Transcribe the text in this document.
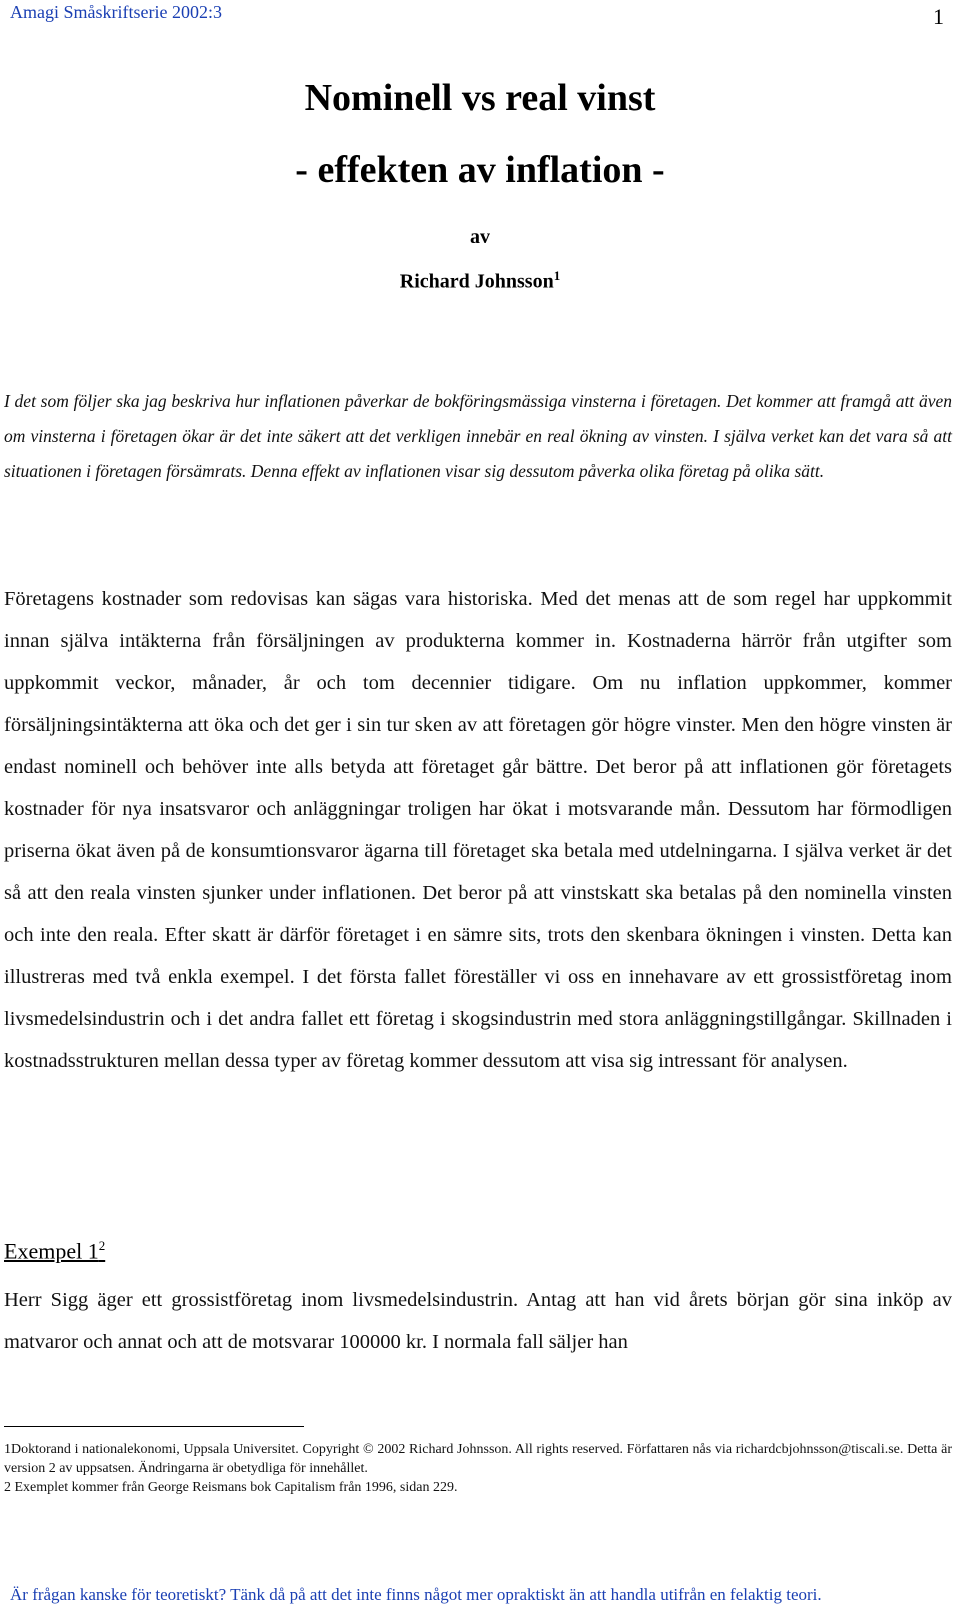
Amagi Småskriftserie 2002:3	1
Nominell vs real vinst
- effekten av inflation -
av
Richard Johnsson$^1$
I det som följer ska jag beskriva hur inflationen påverkar de bokföringsmässiga vinsterna i företagen. Det kommer att framgå att även om vinsterna i företagen ökar är det inte säkert att det verkligen innebär en real ökning av vinsten. I själva verket kan det vara så att situationen i företagen försämrats. Denna effekt av inflationen visar sig dessutom påverka olika företag på olika sätt.
Företagens kostnader som redovisas kan sägas vara historiska. Med det menas att de som regel har uppkommit innan själva intäkterna från försäljningen av produkterna kommer in. Kostnaderna härrör från utgifter som uppkommit veckor, månader, år och tom decennier tidigare. Om nu inflation uppkommer, kommer försäljningsintäkterna att öka och det ger i sin tur sken av att företagen gör högre vinster. Men den högre vinsten är endast nominell och behöver inte alls betyda att företaget går bättre. Det beror på att inflationen gör företagets kostnader för nya insatsvaror och anläggningar troligen har ökat i motsvarande mån. Dessutom har förmodligen priserna ökat även på de konsumtionsvaror ägarna till företaget ska betala med utdelningarna. I själva verket är det så att den reala vinsten sjunker under inflationen. Det beror på att vinstskatt ska betalas på den nominella vinsten och inte den reala. Efter skatt är därför företaget i en sämre sits, trots den skenbara ökningen i vinsten. Detta kan illustreras med två enkla exempel. I det första fallet föreställer vi oss en innehavare av ett grossistföretag inom livsmedelsindustrin och i det andra fallet ett företag i skogsindustrin med stora anläggningstillgångar. Skillnaden i kostnadsstrukturen mellan dessa typer av företag kommer dessutom att visa sig intressant för analysen.
Exempel $1^2$
Herr Sigg äger ett grossistföretag inom livsmedelsindustrin. Antag att han vid årets början gör sina inköp av matvaror och annat och att de motsvarar 100000 kr. I normala fall säljer han

1Doktorand i nationalekonomi, Uppsala Universitet. Copyright © 2002 Richard Johnsson. All rights reserved. Författaren nås via richardcbjohnsson@tiscali.se. Detta är version 2 av uppsatsen. Ändringarna är obetydliga för innehållet.

2 Exemplet kommer från George Reismans bok Capitalism från 1996, sidan 229.

Är frågan kanske för teoretiskt? Tänk då på att det inte finns något mer opraktiskt än att handla utifrån en felaktig teori.
